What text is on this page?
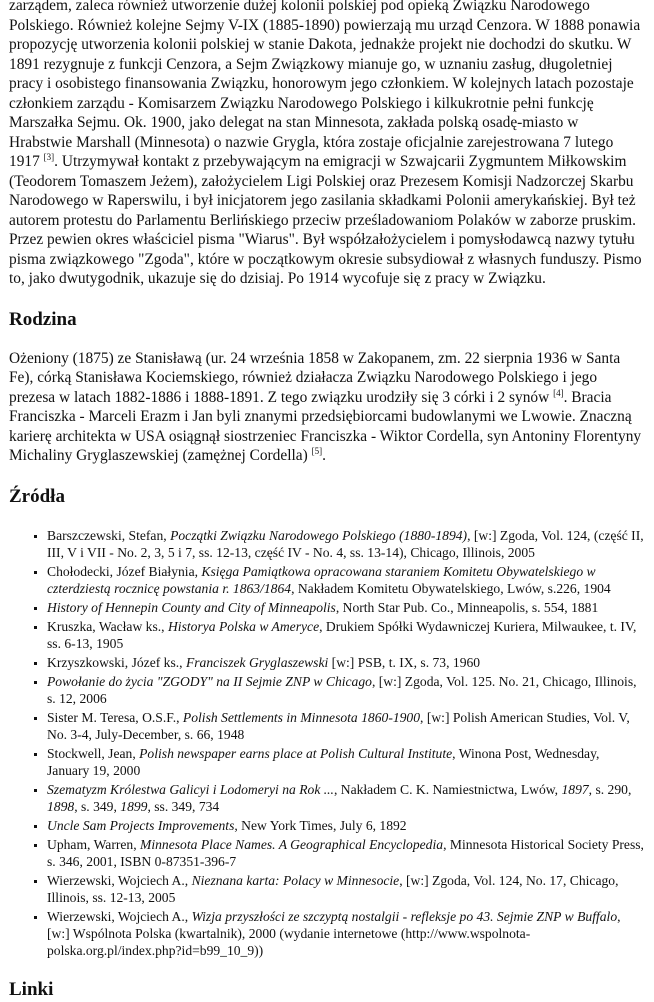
zarządem, zaleca również utworzenie dużej kolonii polskiej pod opieką Związku Narodowego Polskiego. Również kolejne Sejmy V-IX (1885-1890) powierzają mu urząd Cenzora. W 1888 ponawia propozycję utworzenia kolonii polskiej w stanie Dakota, jednakże projekt nie dochodzi do skutku. W 1891 rezygnuje z funkcji Cenzora, a Sejm Związkowy mianuje go, w uznaniu zasług, długoletniej pracy i osobistego finansowania Związku, honorowym jego członkiem. W kolejnych latach pozostaje członkiem zarządu - Komisarzem Związku Narodowego Polskiego i kilkukrotnie pełni funkcję Marszałka Sejmu. Ok. 1900, jako delegat na stan Minnesota, zakłada polską osadę-miasto w Hrabstwie Marshall (Minnesota) o nazwie Grygla, która zostaje oficjalnie zarejestrowana 7 lutego 1917 [3]. Utrzymywał kontakt z przebywającym na emigracji w Szwajcarii Zygmuntem Miłkowskim (Teodorem Tomaszem Jeżem), założycielem Ligi Polskiej oraz Prezesem Komisji Nadzorczej Skarbu Narodowego w Raperswilu, i był inicjatorem jego zasilania składkami Polonii amerykańskiej. Był też autorem protestu do Parlamentu Berlińskiego przeciw prześladowaniom Polaków w zaborze pruskim. Przez pewien okres właściciel pisma "Wiarus". Był współzałożycielem i pomysłodawcą nazwy tytułu pisma związkowego "Zgoda", które w początkowym okresie subsydiował z własnych funduszy. Pismo to, jako dwutygodnik, ukazuje się do dzisiaj. Po 1914 wycofuje się z pracy w Związku.

Rodzina

Ożeniony (1875) ze Stanisławą (ur. 24 września 1858 w Zakopanem, zm. 22 sierpnia 1936 w Santa Fe), córką Stanisława Kociemskiego, również działacza Związku Narodowego Polskiego i jego prezesa w latach 1882-1886 i 1888-1891. Z tego związku urodziły się 3 córki i 2 synów [4]. Bracia Franciszka - Marceli Erazm i Jan byli znanymi przedsiębiorcami budowlanymi we Lwowie. Znaczną karierę architekta w USA osiągnął siostrzeniec Franciszka - Wiktor Cordella, syn Antoniny Florentyny Michaliny Gryglaszewskiej (zamężnej Cordella) [5].

Źródła
▪ Barszczewski, Stefan, Początki Związku Narodowego Polskiego (1880-1894), [w:] Zgoda, Vol. 124, (część II, III, V i VII - No. 2, 3, 5 i 7, ss. 12-13, część IV - No. 4, ss. 13-14), Chicago, Illinois, 2005
▪ Chołodecki, Józef Białynia, Księga Pamiątkowa opracowana staraniem Komitetu Obywatelskiego w czterdziestą rocznicę powstania r. 1863/1864, Nakładem Komitetu Obywatelskiego, Lwów, s.226, 1904
▪ History of Hennepin County and City of Minneapolis, North Star Pub. Co., Minneapolis, s. 554, 1881
▪ Kruszka, Wacław ks., Historya Polska w Ameryce, Drukiem Spółki Wydawniczej Kuriera, Milwaukee, t. IV, ss. 6-13, 1905
▪ Krzyszkowski, Józef ks., Franciszek Gryglaszewski [w:] PSB, t. IX, s. 73, 1960
▪ Powołanie do życia "ZGODY" na II Sejmie ZNP w Chicago, [w:] Zgoda, Vol. 125. No. 21, Chicago, Illinois, s. 12, 2006
▪ Sister M. Teresa, O.S.F., Polish Settlements in Minnesota 1860-1900, [w:] Polish American Studies, Vol. V, No. 3-4, July-December, s. 66, 1948
▪ Stockwell, Jean, Polish newspaper earns place at Polish Cultural Institute, Winona Post, Wednesday, January 19, 2000
▪ Szematyzm Królestwa Galicyi i Lodomeryi na Rok ..., Nakładem C. K. Namiestnictwa, Lwów, 1897, s. 290, 1898, s. 349, 1899, ss. 349, 734
▪ Uncle Sam Projects Improvements, New York Times, July 6, 1892
▪ Upham, Warren, Minnesota Place Names. A Geographical Encyclopedia, Minnesota Historical Society Press, s. 346, 2001, ISBN 0-87351-396-7
▪ Wierzewski, Wojciech A., Nieznana karta: Polacy w Minnesocie, [w:] Zgoda, Vol. 124, No. 17, Chicago, Illinois, ss. 12-13, 2005
▪ Wierzewski, Wojciech A., Wizja przyszłości ze szczyptą nostalgii - refleksje po 43. Sejmie ZNP w Buffalo, [w:] Wspólnota Polska (kwartalnik), 2000 (wydanie internetowe (http://www.wspolnota-polska.org.pl/index.php?id=b99_10_9))
Linki
